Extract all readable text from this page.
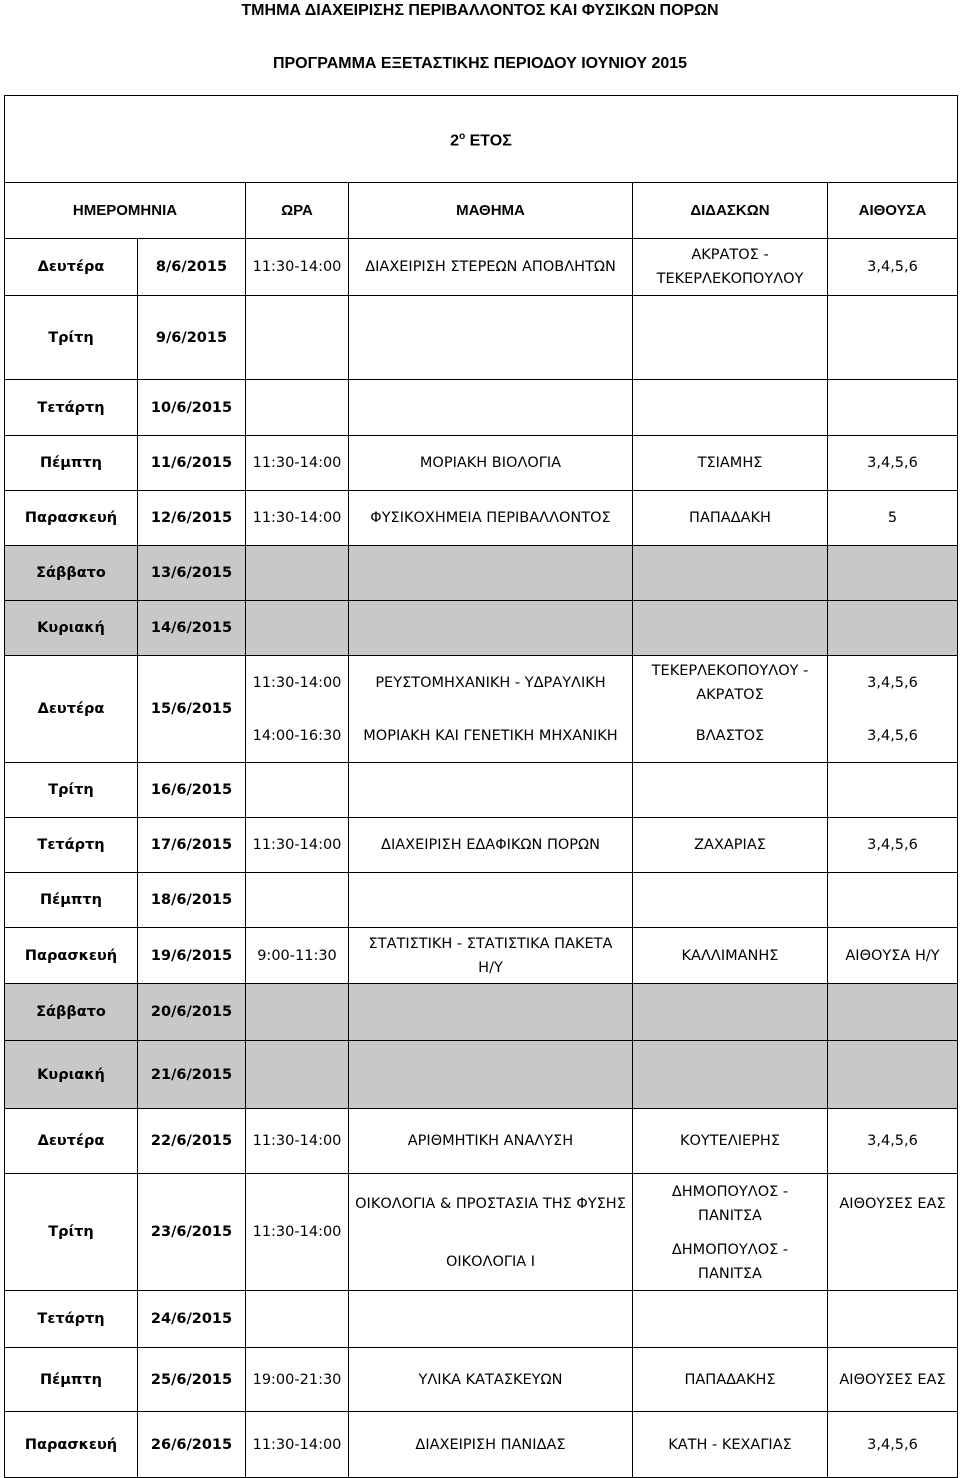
ΤΜΗΜΑ ΔΙΑΧΕΙΡΙΣΗΣ ΠΕΡΙΒΑΛΛΟΝΤΟΣ ΚΑΙ ΦΥΣΙΚΩΝ ΠΟΡΩΝ
ΠΡΟΓΡΑΜΜΑ ΕΞΕΤΑΣΤΙΚΗΣ ΠΕΡΙΟΔΟΥ ΙΟΥΝΙΟΥ 2015
$2^o$ ΕΤΟΣ					
ΗΜΕΡΟΜΗΝΙΑ		ΩΡΑ	ΜΑΘΗΜΑ	ΔΙΔΑΣΚΩΝ	ΑΙΘΟΥΣΑ
Δευτέρα	8/6/2015	11:30-14:00	ΔΙΑΧΕΙΡΙΣΗ ΣΤΕΡΕΩΝ ΑΠΟΒΛΗΤΩΝ	ΑΚΡΑΤΟΣ -
ΤΕΚΕΡΛΕΚΟΠΟΥΛΟΥ	3,4,5,6
Τρίτη	9/6/2015				
Τετάρτη	10/6/2015				
Πέμπτη	11/6/2015	11:30-14:00	ΜΟΡΙΑΚΗ ΒΙΟΛΟΓΙΑ	ΤΣΙΑΜΗΣ	3,4,5,6
Παρασκευή	12/6/2015	11:30-14:00	ΦΥΣΙΚΟΧΗΜΕΙΑ ΠΕΡΙΒΑΛΛΟΝΤΟΣ	ΠΑΠΑΔΑΚΗ	5
Σάββατο	13/6/2015				
Κυριακή	14/6/2015				
Δευτέρα	15/6/2015	11:30-14:00	ΡΕΥΣΤΟΜΗΧΑΝΙΚΗ - ΥΔΡΑΥΛΙΚΗ	ΤΕΚΕΡΛΕΚΟΠΟΥΛΟΥ -
ΑΚΡΑΤΟΣ	3,4,5,6
		14:00-16:30	ΜΟΡΙΑΚΗ ΚΑΙ ΓΕΝΕΤΙΚΗ ΜΗΧΑΝΙΚΗ	ΒΛΑΣΤΟΣ	3,4,5,6
Τρίτη	16/6/2015				
Τετάρτη	17/6/2015	11:30-14:00	ΔΙΑΧΕΙΡΙΣΗ ΕΔΑΦΙΚΩΝ ΠΟΡΩΝ	ΖΑΧΑΡΙΑΣ	3,4,5,6
Πέμπτη	18/6/2015				
Παρασκευή	19/6/2015	9:00-11:30	ΣΤΑΤΙΣΤΙΚΗ - ΣΤΑΤΙΣΤΙΚΑ ΠΑΚΕΤΑ
Η/Υ	ΚΑΛΛΙΜΑΝΗΣ	ΑΙΘΟΥΣΑ Η/Υ
Σάββατο	20/6/2015				
Κυριακή	21/6/2015				
Δευτέρα	22/6/2015	11:30-14:00	ΑΡΙΘΜΗΤΙΚΗ ΑΝΑΛΥΣΗ	ΚΟΥΤΕΛΙΕΡΗΣ	3,4,5,6
Τρίτη	23/6/2015	11:30-14:00	ΟΙΚΟΛΟΓΙΑ & ΠΡΟΣΤΑΣΙΑ ΤΗΣ ΦΥΣΗΣ	ΔΗΜΟΠΟΥΛΟΣ -
ΠΑΝΙΤΣΑ	ΑΙΘΟΥΣΕΣ ΕΑΣ
			ΟΙΚΟΛΟΓΙΑ Ι	ΔΗΜΟΠΟΥΛΟΣ -
ΠΑΝΙΤΣΑ	
Τετάρτη	24/6/2015				
Πέμπτη	25/6/2015	19:00-21:30	ΥΛΙΚΑ ΚΑΤΑΣΚΕΥΩΝ	ΠΑΠΑΔΑΚΗΣ	ΑΙΘΟΥΣΕΣ ΕΑΣ
Παρασκευή	26/6/2015	11:30-14:00	ΔΙΑΧΕΙΡΙΣΗ ΠΑΝΙΔΑΣ	ΚΑΤΗ - ΚΕΧΑΓΙΑΣ	3,4,5,6
